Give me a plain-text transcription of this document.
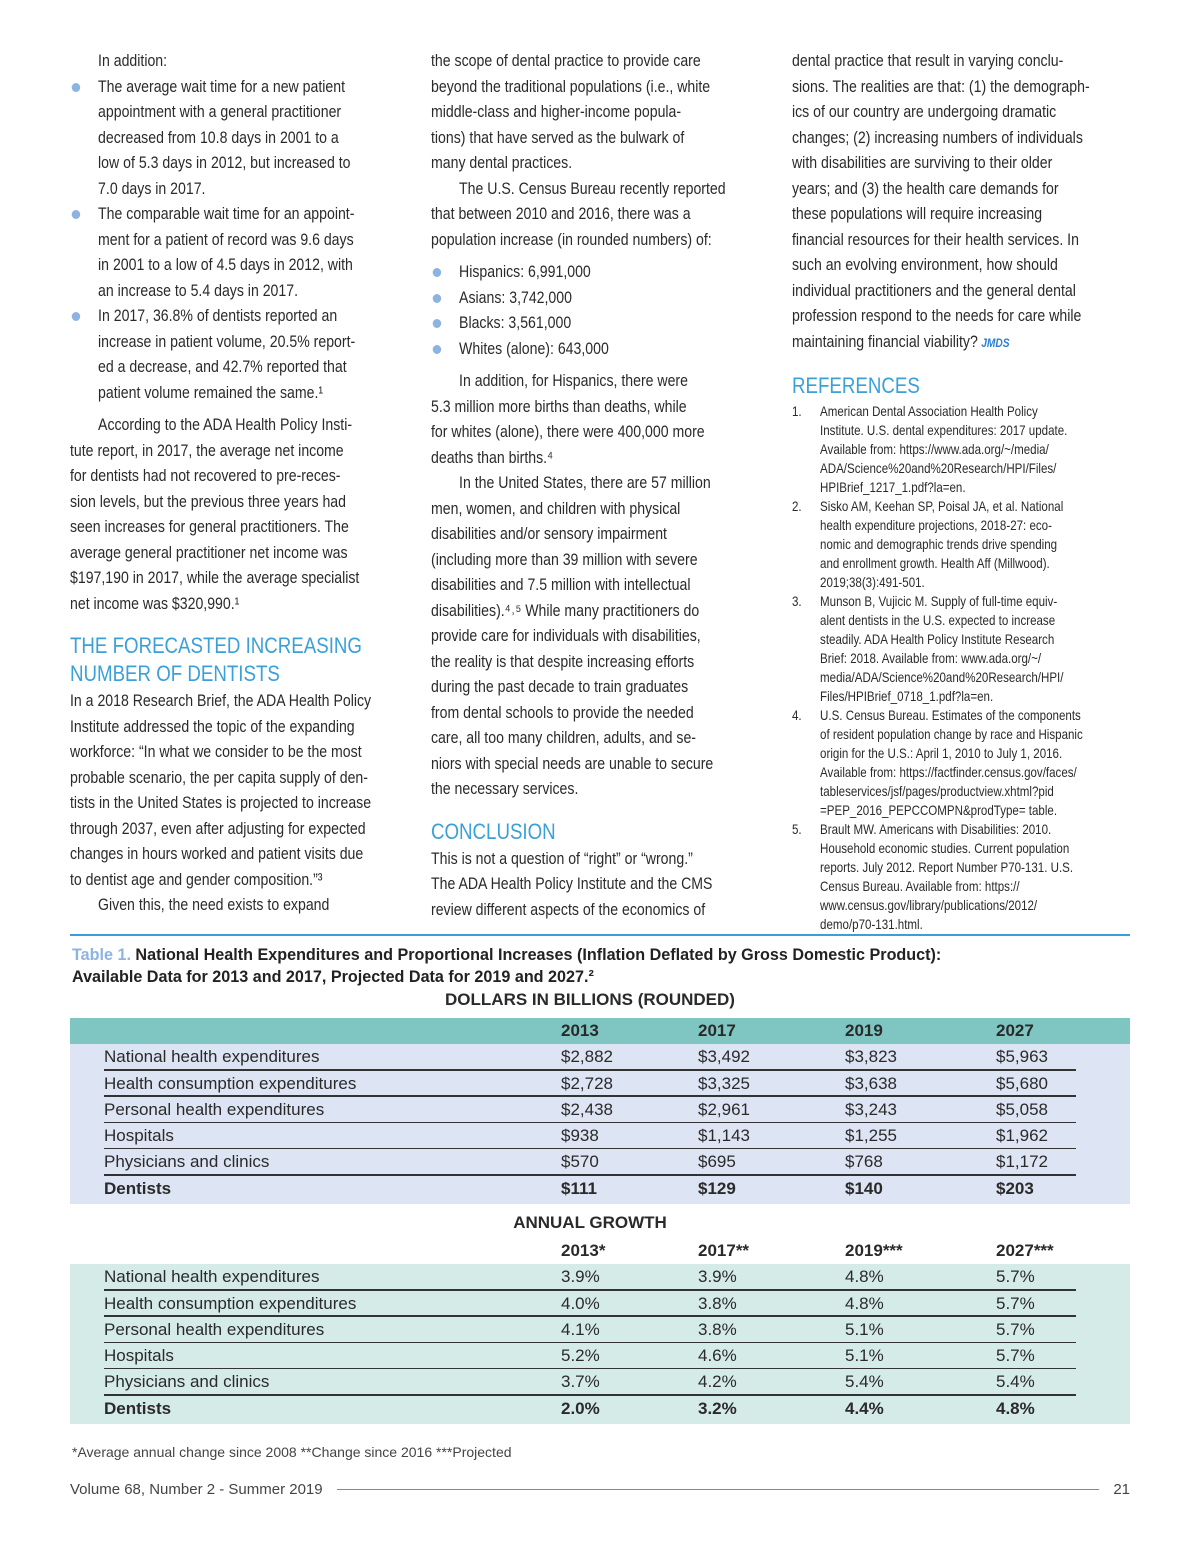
In addition:
The average wait time for a new patient
appointment with a general practitioner
decreased from 10.8 days in 2001 to a
low of 5.3 days in 2012, but increased to
7.0 days in 2017.
The comparable wait time for an appoint-
ment for a patient of record was 9.6 days
in 2001 to a low of 4.5 days in 2012, with
an increase to 5.4 days in 2017.
In 2017, 36.8% of dentists reported an
increase in patient volume, 20.5% report-
ed a decrease, and 42.7% reported that
patient volume remained the same.¹
According to the ADA Health Policy Insti-
tute report, in 2017, the average net income
for dentists had not recovered to pre-reces-
sion levels, but the previous three years had
seen increases for general practitioners. The
average general practitioner net income was
$197,190 in 2017, while the average specialist
net income was $320,990.¹
THE FORECASTED INCREASING
NUMBER OF DENTISTS
In a 2018 Research Brief, the ADA Health Policy
Institute addressed the topic of the expanding
workforce: “In what we consider to be the most
probable scenario, the per capita supply of den-
tists in the United States is projected to increase
through 2037, even after adjusting for expected
changes in hours worked and patient visits due
to dentist age and gender composition.”³
Given this, the need exists to expand
the scope of dental practice to provide care
beyond the traditional populations (i.e., white
middle-class and higher-income popula-
tions) that have served as the bulwark of
many dental practices.
The U.S. Census Bureau recently reported
that between 2010 and 2016, there was a
population increase (in rounded numbers) of:
Hispanics: 6,991,000
Asians: 3,742,000
Blacks: 3,561,000
Whites (alone): 643,000
In addition, for Hispanics, there were
5.3 million more births than deaths, while
for whites (alone), there were 400,000 more
deaths than births.⁴
In the United States, there are 57 million
men, women, and children with physical
disabilities and/or sensory impairment
(including more than 39 million with severe
disabilities and 7.5 million with intellectual
disabilities).⁴˒⁵ While many practitioners do
provide care for individuals with disabilities,
the reality is that despite increasing efforts
during the past decade to train graduates
from dental schools to provide the needed
care, all too many children, adults, and se-
niors with special needs are unable to secure
the necessary services.
CONCLUSION
This is not a question of “right” or “wrong.”
The ADA Health Policy Institute and the CMS
review different aspects of the economics of
dental practice that result in varying conclu-
sions. The realities are that: (1) the demograph-
ics of our country are undergoing dramatic
changes; (2) increasing numbers of individuals
with disabilities are surviving to their older
years; and (3) the health care demands for
these populations will require increasing
financial resources for their health services. In
such an evolving environment, how should
individual practitioners and the general dental
profession respond to the needs for care while
maintaining financial viability? JMDS
REFERENCES
1. American Dental Association Health Policy
Institute. U.S. dental expenditures: 2017 update.
Available from: https://www.ada.org/~/media/
ADA/Science%20and%20Research/HPI/Files/
HPIBrief_1217_1.pdf?la=en.
2. Sisko AM, Keehan SP, Poisal JA, et al. National
health expenditure projections, 2018-27: eco-
nomic and demographic trends drive spending
and enrollment growth. Health Aff (Millwood).
2019;38(3):491-501.
3. Munson B, Vujicic M. Supply of full-time equiv-
alent dentists in the U.S. expected to increase
steadily. ADA Health Policy Institute Research
Brief: 2018. Available from: www.ada.org/~/
media/ADA/Science%20and%20Research/HPI/
Files/HPIBrief_0718_1.pdf?la=en.
4. U.S. Census Bureau. Estimates of the components
of resident population change by race and Hispanic
origin for the U.S.: April 1, 2010 to July 1, 2016.
Available from: https://factfinder.census.gov/faces/
tableservices/jsf/pages/productview.xhtml?pid
=PEP_2016_PEPCCOMPN&prodType= table.
5. Brault MW. Americans with Disabilities: 2010.
Household economic studies. Current population
reports. July 2012. Report Number P70-131. U.S.
Census Bureau. Available from: https://
www.census.gov/library/publications/2012/
demo/p70-131.html.
Table 1. National Health Expenditures and Proportional Increases (Inflation Deflated by Gross Domestic Product):
Available Data for 2013 and 2017, Projected Data for 2019 and 2027.²
DOLLARS IN BILLIONS (ROUNDED)
2013	2017	2019	2027
National health expenditures	$2,882	$3,492	$3,823	$5,963
Health consumption expenditures	$2,728	$3,325	$3,638	$5,680
Personal health expenditures	$2,438	$2,961	$3,243	$5,058
Hospitals	$938	$1,143	$1,255	$1,962
Physicians and clinics	$570	$695	$768	$1,172
Dentists	$111	$129	$140	$203
ANNUAL GROWTH
2013*	2017**	2019***	2027***
National health expenditures	3.9%	3.9%	4.8%	5.7%
Health consumption expenditures	4.0%	3.8%	4.8%	5.7%
Personal health expenditures	4.1%	3.8%	5.1%	5.7%
Hospitals	5.2%	4.6%	5.1%	5.7%
Physicians and clinics	3.7%	4.2%	5.4%	5.4%
Dentists	2.0%	3.2%	4.4%	4.8%
*Average annual change since 2008 **Change since 2016 ***Projected
Volume 68, Number 2 - Summer 2019	21
